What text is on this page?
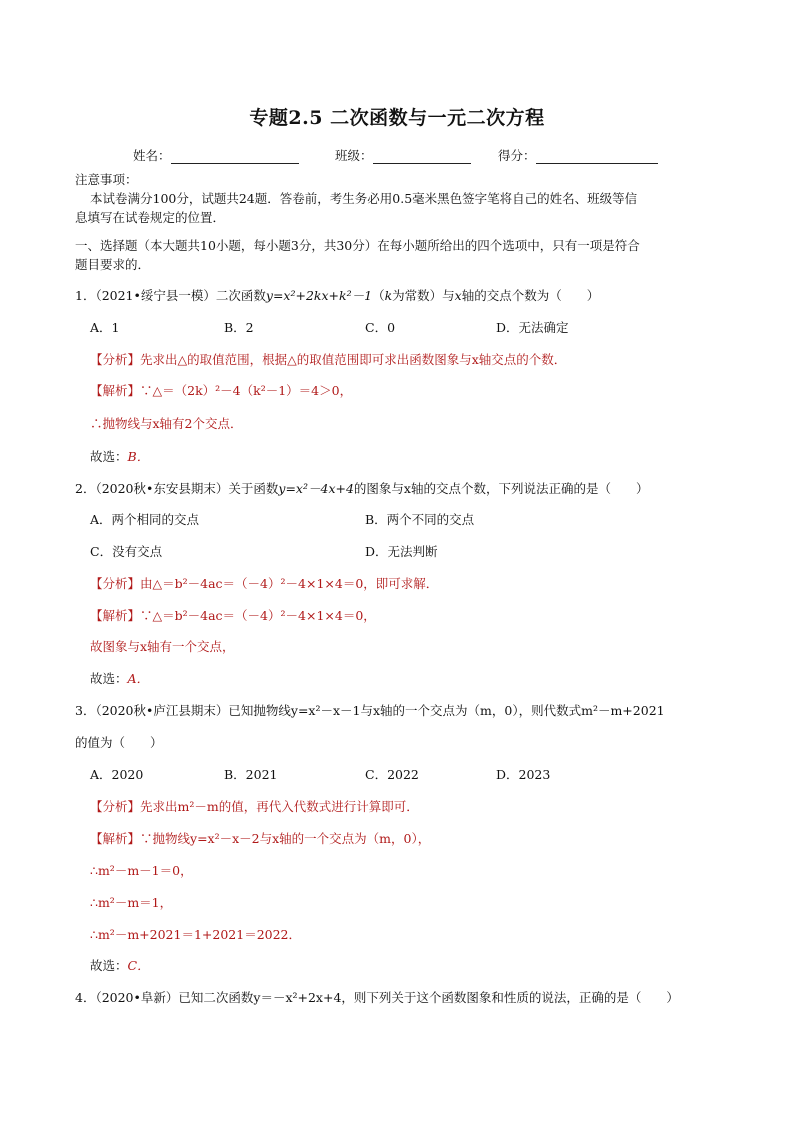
专题2.5 二次函数与一元二次方程
姓名：	班级：	得分：
注意事项：
本试卷满分100分，试题共24题．答卷前，考生务必用0.5毫米黑色签字笔将自己的姓名、班级等信
息填写在试卷规定的位置．
一、选择题（本大题共10小题，每小题3分，共30分）在每小题所给出的四个选项中，只有一项是符合
题目要求的．
1．（2021•绥宁县一模）二次函数y=x²+2kx+k²－1（k为常数）与x轴的交点个数为（　　）
A．1	B．2	C．0	D．无法确定
【分析】先求出△的取值范围，根据△的取值范围即可求出函数图象与x轴交点的个数．
【解析】∵△＝（2k）²－4（k²－1）＝4＞0，
∴抛物线与x轴有2个交点．
故选：B．
2．（2020秋•东安县期末）关于函数y=x²－4x+4的图象与x轴的交点个数，下列说法正确的是（　　）
A．两个相同的交点	B．两个不同的交点
C．没有交点	D．无法判断
【分析】由△＝b²－4ac＝（－4）²－4×1×4＝0，即可求解．
【解析】∵△＝b²－4ac＝（－4）²－4×1×4＝0，
故图象与x轴有一个交点，
故选：A．
3．（2020秋•庐江县期末）已知抛物线y=x²－x－1与x轴的一个交点为（m，0），则代数式m²－m+2021
的值为（　　）
A．2020	B．2021	C．2022	D．2023
【分析】先求出m²－m的值，再代入代数式进行计算即可．
【解析】∵抛物线y=x²－x－2与x轴的一个交点为（m，0），
∴m²－m－1＝0，
∴m²－m＝1，
∴m²－m+2021＝1+2021＝2022．
故选：C．
4．（2020•阜新）已知二次函数y＝－x²+2x+4，则下列关于这个函数图象和性质的说法，正确的是（　　）
